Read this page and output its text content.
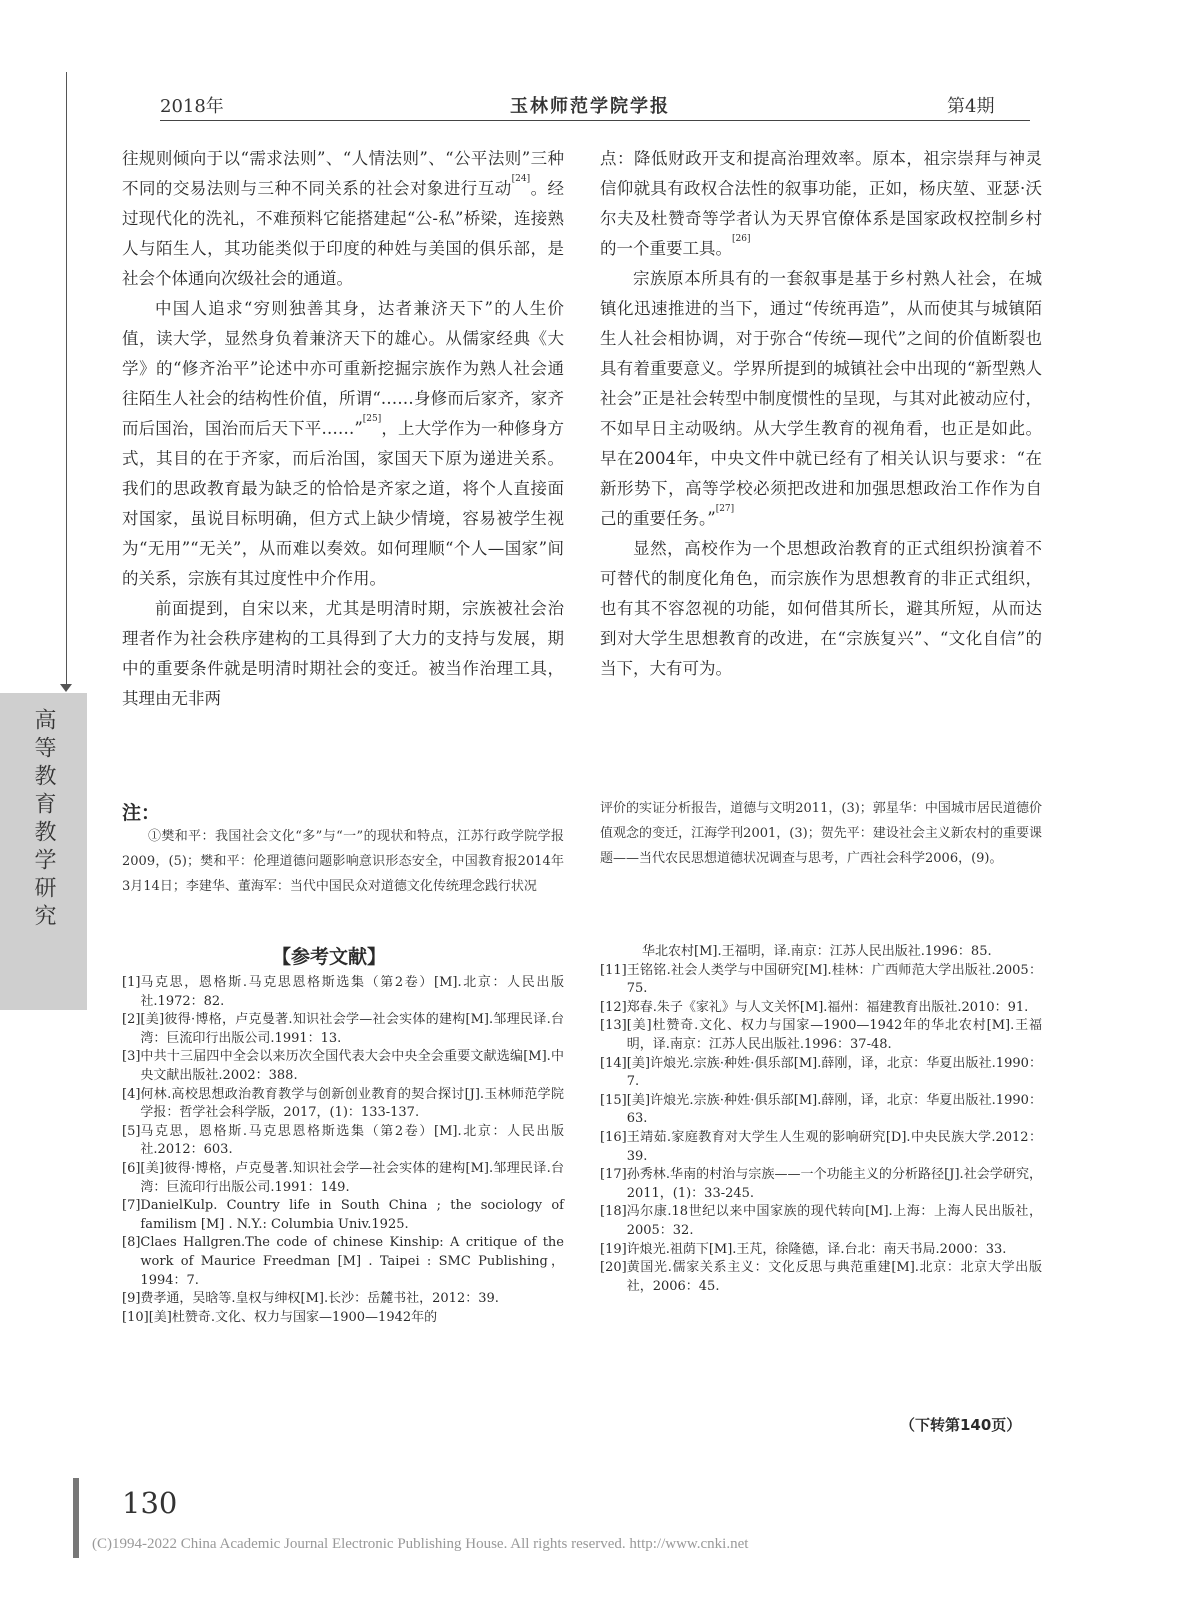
2018年	玉林师范学院学报	第4期
高等教育教学研究

往规则倾向于以“需求法则”、“人情法则”、“公平法则”三种不同的交易法则与三种不同关系的社会对象进行互动[24]。经过现代化的洗礼，不难预料它能搭建起“公-私”桥梁，连接熟人与陌生人，其功能类似于印度的种姓与美国的俱乐部，是社会个体通向次级社会的通道。

中国人追求“穷则独善其身，达者兼济天下”的人生价值，读大学，显然身负着兼济天下的雄心。从儒家经典《大学》的“修齐治平”论述中亦可重新挖掘宗族作为熟人社会通往陌生人社会的结构性价值，所谓“……身修而后家齐，家齐而后国治，国治而后天下平……”[25]，上大学作为一种修身方式，其目的在于齐家，而后治国，家国天下原为递进关系。我们的思政教育最为缺乏的恰恰是齐家之道，将个人直接面对国家，虽说目标明确，但方式上缺少情境，容易被学生视为“无用”“无关”，从而难以奏效。如何理顺“个人—国家”间的关系，宗族有其过度性中介作用。

前面提到，自宋以来，尤其是明清时期，宗族被社会治理者作为社会秩序建构的工具得到了大力的支持与发展，期中的重要条件就是明清时期社会的变迁。被当作治理工具，其理由无非两

点：降低财政开支和提高治理效率。原本，祖宗崇拜与神灵信仰就具有政权合法性的叙事功能，正如，杨庆堃、亚瑟·沃尔夫及杜赞奇等学者认为天界官僚体系是国家政权控制乡村的一个重要工具。[26]

宗族原本所具有的一套叙事是基于乡村熟人社会，在城镇化迅速推进的当下，通过“传统再造”，从而使其与城镇陌生人社会相协调，对于弥合“传统—现代”之间的价值断裂也具有着重要意义。学界所提到的城镇社会中出现的“新型熟人社会”正是社会转型中制度惯性的呈现，与其对此被动应付，不如早日主动吸纳。从大学生教育的视角看，也正是如此。早在2004年，中央文件中就已经有了相关认识与要求：“在新形势下，高等学校必须把改进和加强思想政治工作作为自己的重要任务。”[27]

显然，高校作为一个思想政治教育的正式组织扮演着不可替代的制度化角色，而宗族作为思想教育的非正式组织，也有其不容忽视的功能，如何借其所长，避其所短，从而达到对大学生思想教育的改进，在“宗族复兴”、“文化自信”的当下，大有可为。

注：

①樊和平：我国社会文化“多”与“一”的现状和特点，江苏行政学院学报2009，(5)；樊和平：伦理道德问题影响意识形态安全，中国教育报2014年3月14日；李建华、董海军：当代中国民众对道德文化传统理念践行状况

评价的实证分析报告，道德与文明2011，(3)；郭星华：中国城市居民道德价值观念的变迁，江海学刊2001，(3)；贺先平：建设社会主义新农村的重要课题——当代农民思想道德状况调查与思考，广西社会科学2006，(9)。

【参考文献】
[1] 马克思，恩格斯.马克思恩格斯选集（第2卷）[M].北京：人民出版社.1972：82.
[2] [美]彼得·博格，卢克曼著.知识社会学—社会实体的建构[M].邹理民译.台湾：巨流印行出版公司.1991：13.
[3] 中共十三届四中全会以来历次全国代表大会中央全会重要文献选编[M].中央文献出版社.2002：388.
[4] 何林.高校思想政治教育教学与创新创业教育的契合探讨[J].玉林师范学院学报：哲学社会科学版，2017，(1)：133-137.
[5] 马克思，恩格斯.马克思恩格斯选集（第2卷）[M].北京：人民出版社.2012：603.
[6] [美]彼得·博格，卢克曼著.知识社会学—社会实体的建构[M].邹理民译.台湾：巨流印行出版公司.1991：149.
[7] DanielKulp. Country life in South China ; the sociology of familism [M] . N.Y.: Columbia Univ.1925.
[8] Claes Hallgren.The code of chinese Kinship: A critique of the work of Maurice Freedman [M] . Taipei : SMC Publishing，1994：7.
[9] 费孝通，吴晗等.皇权与绅权[M].长沙：岳麓书社，2012：39.
[10] [美]杜赞奇.文化、权力与国家—1900—1942年的
华北农村[M].王福明，译.南京：江苏人民出版社.1996：85.
[11] 王铭铭.社会人类学与中国研究[M].桂林：广西师范大学出版社.2005：75.
[12] 郑春.朱子《家礼》与人文关怀[M].福州：福建教育出版社.2010：91.
[13] [美]杜赞奇.文化、权力与国家—1900—1942年的华北农村[M].王福明，译.南京：江苏人民出版社.1996：37-48.
[14] [美]许烺光.宗族·种姓·俱乐部[M].薛刚，译，北京：华夏出版社.1990：7.
[15] [美]许烺光.宗族·种姓·俱乐部[M].薛刚，译，北京：华夏出版社.1990：63.
[16] 王靖茹.家庭教育对大学生人生观的影响研究[D].中央民族大学.2012：39.
[17] 孙秀林.华南的村治与宗族——一个功能主义的分析路径[J].社会学研究，2011，(1)：33-245.
[18] 冯尔康.18世纪以来中国家族的现代转向[M].上海：上海人民出版社，2005：32.
[19] 许烺光.祖荫下[M].王芃，徐隆德，译.台北：南天书局.2000：33.
[20] 黄国光.儒家关系主义：文化反思与典范重建[M].北京：北京大学出版社，2006：45.
（下转第140页）
130
(C)1994-2022 China Academic Journal Electronic Publishing House. All rights reserved. http://www.cnki.net
